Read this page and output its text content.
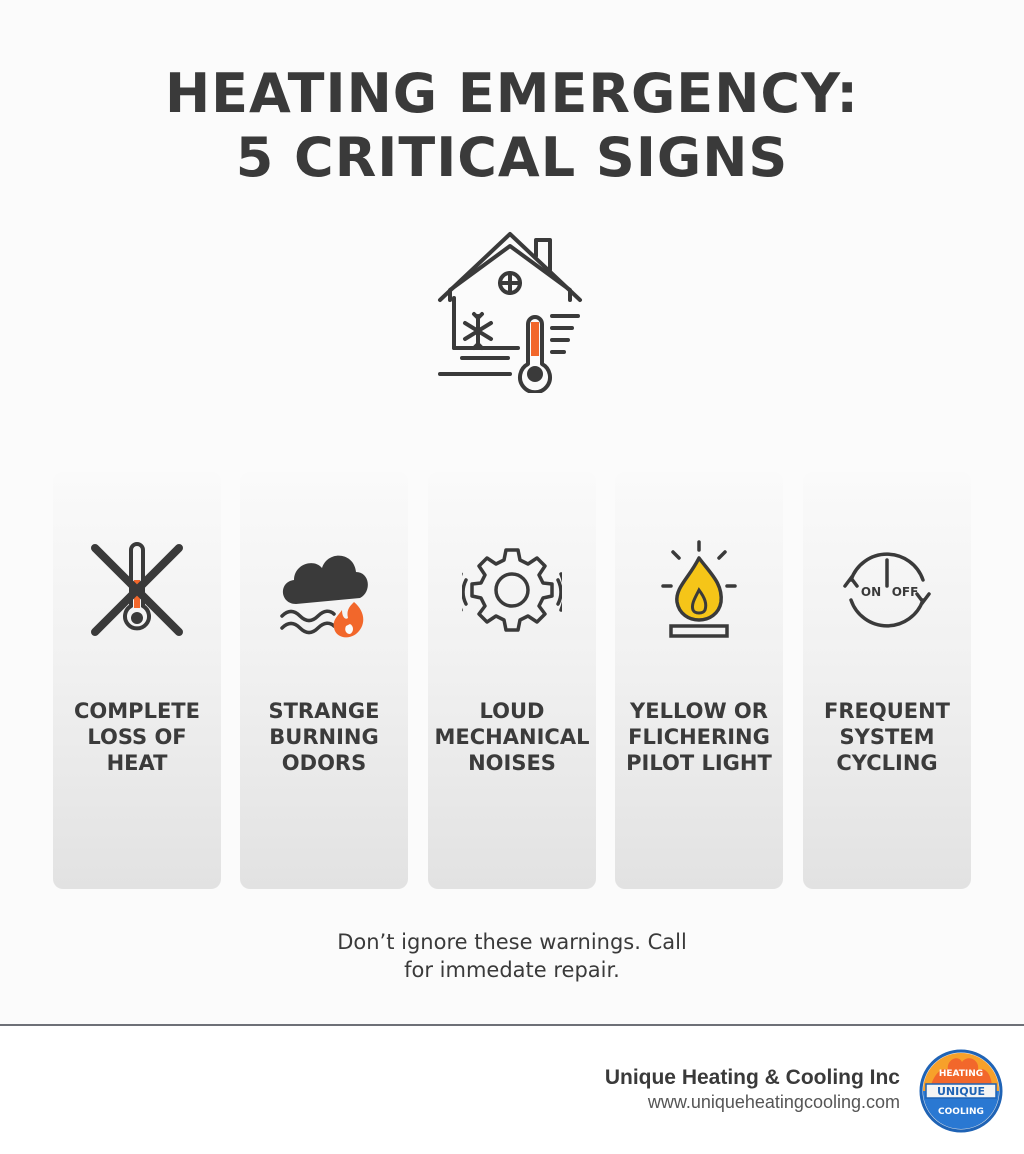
HEATING EMERGENCY:
5 CRITICAL SIGNS
COMPLETE
LOSS OF
HEAT
STRANGE
BURNING
ODORS
LOUD
MECHANICAL
NOISES
YELLOW OR
FLICHERING
PILOT LIGHT
ON OFF
FREQUENT
SYSTEM
CYCLING
Don’t ignore these warnings. Call
for immedate repair.
Unique Heating & Cooling Inc
www.uniqueheatingcooling.com
UNIQUE
HEATING
COOLING
